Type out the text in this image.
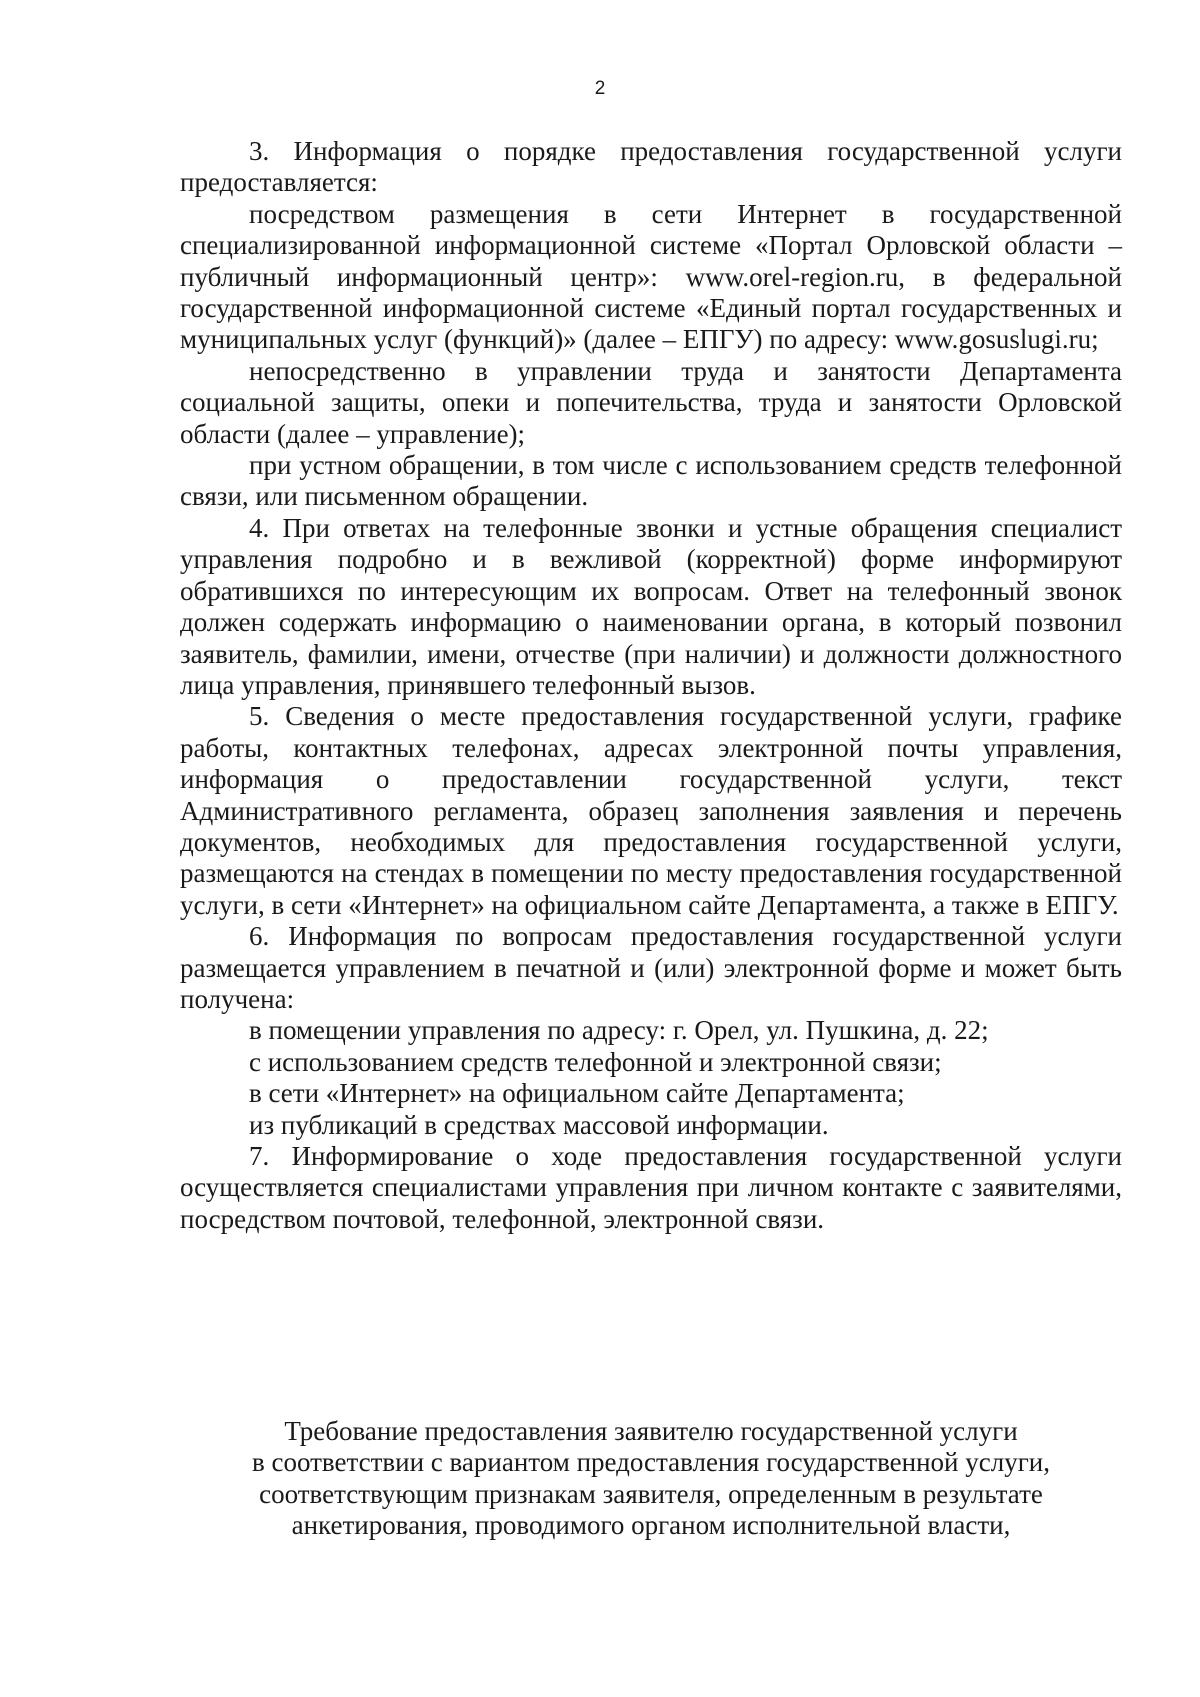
2

3. Информация о порядке предоставления государственной услуги предоставляется:

посредством размещения в сети Интернет в государственной специализированной информационной системе «Портал Орловской области – публичный информационный центр»: www.orel-region.ru, в федеральной государственной информационной системе «Единый портал государственных и муниципальных услуг (функций)» (далее – ЕПГУ) по адресу: www.gosuslugi.ru;

непосредственно в управлении труда и занятости Департамента социальной защиты, опеки и попечительства, труда и занятости Орловской области (далее – управление);

при устном обращении, в том числе с использованием средств телефонной связи, или письменном обращении.

4. При ответах на телефонные звонки и устные обращения специалист управления подробно и в вежливой (корректной) форме информируют обратившихся по интересующим их вопросам. Ответ на телефонный звонок должен содержать информацию о наименовании органа, в который позвонил заявитель, фамилии, имени, отчестве (при наличии) и должности должностного лица управления, принявшего телефонный вызов.

5. Сведения о месте предоставления государственной услуги, графике работы, контактных телефонах, адресах электронной почты управления, информация о предоставлении государственной услуги, текст Административного регламента, образец заполнения заявления и перечень документов, необходимых для предоставления государственной услуги, размещаются на стендах в помещении по месту предоставления государственной услуги, в сети «Интернет» на официальном сайте Департамента, а также в ЕПГУ.

6. Информация по вопросам предоставления государственной услуги размещается управлением в печатной и (или) электронной форме и может быть получена:

в помещении управления по адресу: г. Орел, ул. Пушкина, д. 22;

с использованием средств телефонной и электронной связи;

в сети «Интернет» на официальном сайте Департамента;

из публикаций в средствах массовой информации.

7. Информирование о ходе предоставления государственной услуги осуществляется специалистами управления при личном контакте с заявителями, посредством почтовой, телефонной, электронной связи.

Требование предоставления заявителю государственной услуги
в соответствии с вариантом предоставления государственной услуги,
соответствующим признакам заявителя, определенным в результате
анкетирования, проводимого органом исполнительной власти,
